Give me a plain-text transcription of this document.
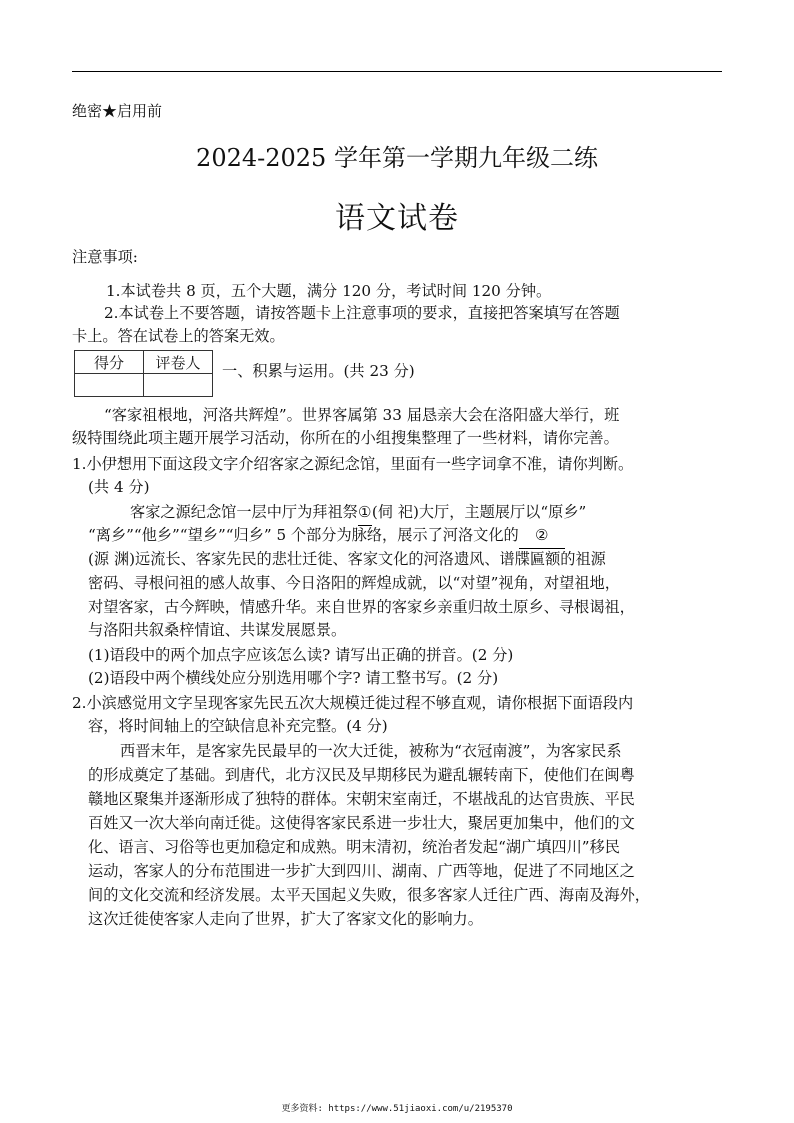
绝密★启用前
2024-2025 学年第一学期九年级二练
语文试卷
注意事项:
1.本试卷共 8 页，五个大题，满分 120 分，考试时间 120 分钟。
2.本试卷上不要答题，请按答题卡上注意事项的要求，直接把答案填写在答题
卡上。答在试卷上的答案无效。
得分	评卷人
	一、积累与运用。(共 23 分)
“客家祖根地，河洛共辉煌”。世界客属第 33 届恳亲大会在洛阳盛大举行，班
级特围绕此项主题开展学习活动，你所在的小组搜集整理了一些材料，请你完善。
1.小伊想用下面这段文字介绍客家之源纪念馆，里面有一些字词拿不准，请你判断。
(共 4 分)
客家之源纪念馆一层中厅为拜祖祭①(伺 祀)大厅，主题展厅以“原乡”
“离乡”“他乡”“望乡”“归乡” 5 个部分为脉络，展示了河洛文化的 ②
(源 渊)远流长、客家先民的悲壮迁徙、客家文化的河洛遗风、谱牒匾额的祖源
密码、寻根问祖的感人故事、今日洛阳的辉煌成就，以“对望”视角，对望祖地，
对望客家，古今辉映，情感升华。来自世界的客家乡亲重归故土原乡、寻根谒祖，
与洛阳共叙桑梓情谊、共谋发展愿景。
(1)语段中的两个加点字应该怎么读? 请写出正确的拼音。(2 分)
(2)语段中两个横线处应分别选用哪个字? 请工整书写。(2 分)
2.小滨感觉用文字呈现客家先民五次大规模迁徙过程不够直观，请你根据下面语段内
容，将时间轴上的空缺信息补充完整。(4 分)
西晋末年，是客家先民最早的一次大迁徙，被称为“衣冠南渡”，为客家民系
的形成奠定了基础。到唐代，北方汉民及早期移民为避乱辗转南下，使他们在闽粤
赣地区聚集并逐渐形成了独特的群体。宋朝宋室南迁，不堪战乱的达官贵族、平民
百姓又一次大举向南迁徙。这使得客家民系进一步壮大，聚居更加集中，他们的文
化、语言、习俗等也更加稳定和成熟。明末清初，统治者发起“湖广填四川”移民
运动，客家人的分布范围进一步扩大到四川、湖南、广西等地，促进了不同地区之
间的文化交流和经济发展。太平天国起义失败，很多客家人迁往广西、海南及海外，
这次迁徙使客家人走向了世界，扩大了客家文化的影响力。
更多资料: https://www.51jiaoxi.com/u/2195370
